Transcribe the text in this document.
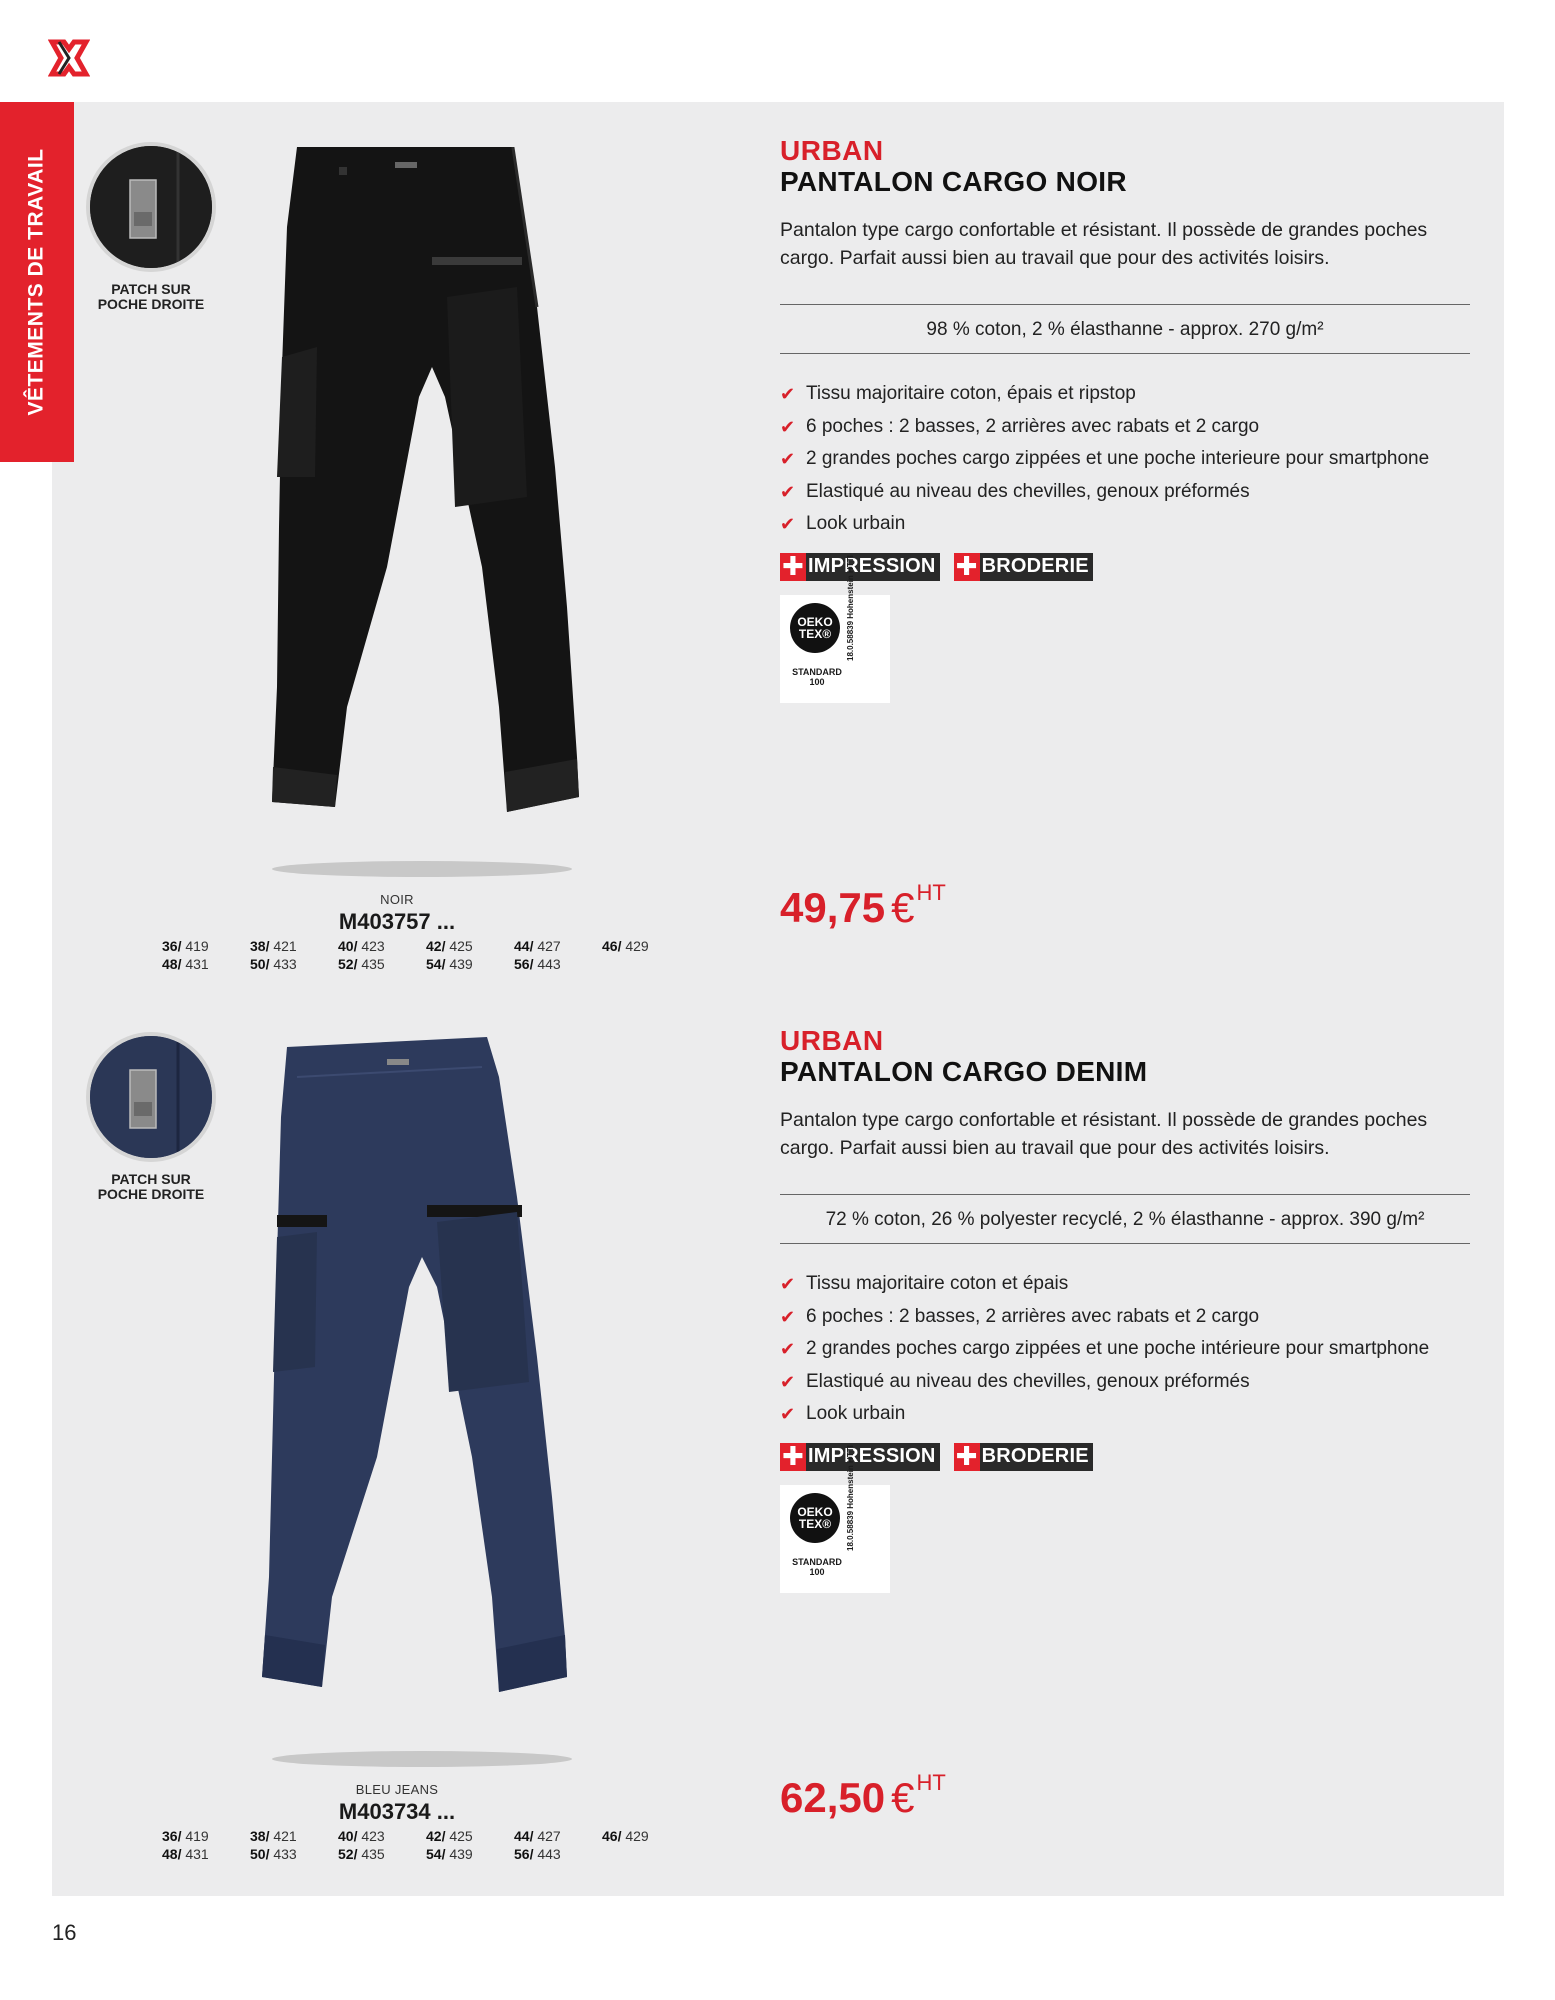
PATCH SUR
POCHE DROITE
NOIR
M403757 ...
36/ 419	38/ 421	40/ 423	42/ 425	44/ 427	46/ 429
48/ 431	50/ 433	52/ 435	54/ 439	56/ 443
URBAN
PANTALON CARGO NOIR
Pantalon type cargo confortable et résistant. Il possède de grandes poches cargo. Parfait aussi bien au travail que pour des activités loisirs.
98 % coton, 2 % élasthanne - approx. 270 g/m²
✔ Tissu majoritaire coton, épais et ripstop
✔ 6 poches : 2 basses, 2 arrières avec rabats et 2 cargo
✔ 2 grandes poches cargo zippées et une poche interieure pour smartphone
✔ Elastiqué au niveau des chevilles, genoux préformés
✔ Look urbain
✚ IMPRESSION ✚ BRODERIE
OEKO
TEX®
STANDARD
100
18.0.58839 Hohenstein HTTI
49,75 €$^{HT}$
PATCH SUR
POCHE DROITE
BLEU JEANS
M403734 ...
36/ 419	38/ 421	40/ 423	42/ 425	44/ 427	46/ 429
48/ 431	50/ 433	52/ 435	54/ 439	56/ 443
URBAN
PANTALON CARGO DENIM
Pantalon type cargo confortable et résistant. Il possède de grandes poches cargo. Parfait aussi bien au travail que pour des activités loisirs.
72 % coton, 26 % polyester recyclé, 2 % élasthanne - approx. 390 g/m²
✔ Tissu majoritaire coton et épais
✔ 6 poches : 2 basses, 2 arrières avec rabats et 2 cargo
✔ 2 grandes poches cargo zippées et une poche intérieure pour smartphone
✔ Elastiqué au niveau des chevilles, genoux préformés
✔ Look urbain
✚ IMPRESSION ✚ BRODERIE
OEKO
TEX®
STANDARD
100
18.0.58839 Hohenstein HTTI
62,50 €$^{HT}$
VÊTEMENTS DE TRAVAIL
16
